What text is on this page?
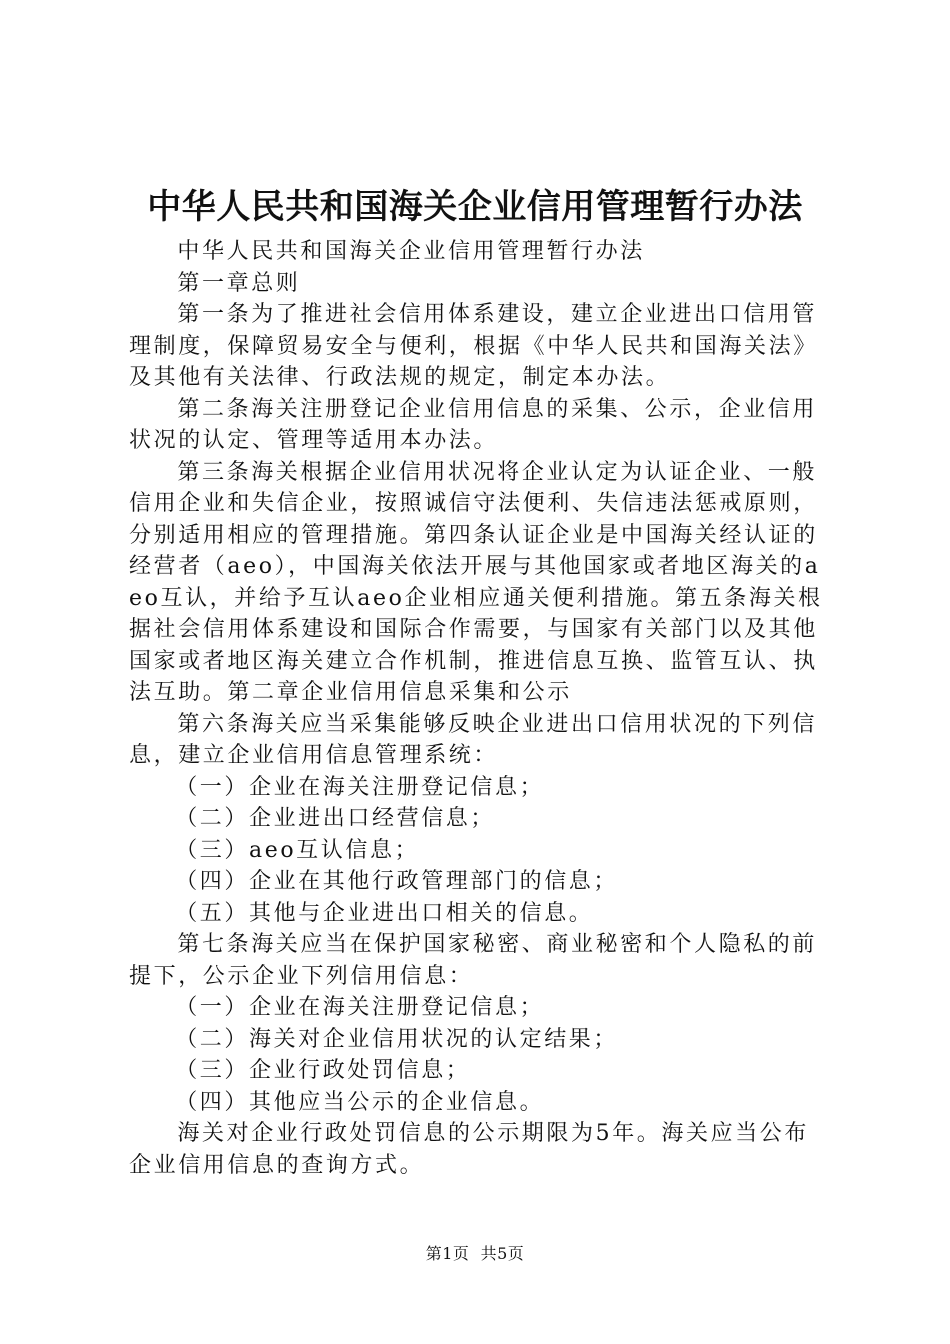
中华人民共和国海关企业信用管理暂行办法

中华人民共和国海关企业信用管理暂行办法

第一章总则

第一条为了推进社会信用体系建设，建立企业进出口信用管理制度，保障贸易安全与便利，根据《中华人民共和国海关法》及其他有关法律、行政法规的规定，制定本办法。

第二条海关注册登记企业信用信息的采集、公示，企业信用状况的认定、管理等适用本办法。

第三条海关根据企业信用状况将企业认定为认证企业、一般信用企业和失信企业，按照诚信守法便利、失信违法惩戒原则，分别适用相应的管理措施。第四条认证企业是中国海关经认证的经营者（aeo），中国海关依法开展与其他国家或者地区海关的aeo互认，并给予互认aeo企业相应通关便利措施。第五条海关根据社会信用体系建设和国际合作需要，与国家有关部门以及其他国家或者地区海关建立合作机制，推进信息互换、监管互认、执法互助。第二章企业信用信息采集和公示

第六条海关应当采集能够反映企业进出口信用状况的下列信息，建立企业信用信息管理系统：

（一）企业在海关注册登记信息；

（二）企业进出口经营信息；

（三）aeo互认信息；

（四）企业在其他行政管理部门的信息；

（五）其他与企业进出口相关的信息。

第七条海关应当在保护国家秘密、商业秘密和个人隐私的前提下，公示企业下列信用信息：

（一）企业在海关注册登记信息；

（二）海关对企业信用状况的认定结果；

（三）企业行政处罚信息；

（四）其他应当公示的企业信息。

海关对企业行政处罚信息的公示期限为5年。海关应当公布企业信用信息的查询方式。

第1页 共5页
